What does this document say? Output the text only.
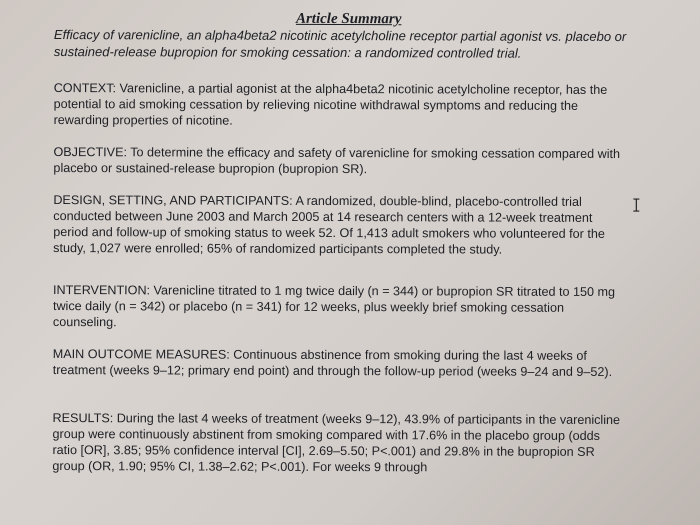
Article Summary
Efficacy of varenicline, an alpha4beta2 nicotinic acetylcholine receptor partial agonist vs. placebo or sustained-release bupropion for smoking cessation: a randomized controlled trial.
CONTEXT: Varenicline, a partial agonist at the alpha4beta2 nicotinic acetylcholine receptor, has the potential to aid smoking cessation by relieving nicotine withdrawal symptoms and reducing the rewarding properties of nicotine.
OBJECTIVE: To determine the efficacy and safety of varenicline for smoking cessation compared with placebo or sustained-release bupropion (bupropion SR).
DESIGN, SETTING, AND PARTICIPANTS: A randomized, double-blind, placebo-controlled trial conducted between June 2003 and March 2005 at 14 research centers with a 12-week treatment period and follow-up of smoking status to week 52. Of 1,413 adult smokers who volunteered for the study, 1,027 were enrolled; 65% of randomized participants completed the study.
INTERVENTION: Varenicline titrated to 1 mg twice daily (n = 344) or bupropion SR titrated to 150 mg twice daily (n = 342) or placebo (n = 341) for 12 weeks, plus weekly brief smoking cessation counseling.
MAIN OUTCOME MEASURES: Continuous abstinence from smoking during the last 4 weeks of treatment (weeks 9–12; primary end point) and through the follow-up period (weeks 9–24 and 9–52).
RESULTS: During the last 4 weeks of treatment (weeks 9–12), 43.9% of participants in the varenicline group were continuously abstinent from smoking compared with 17.6% in the placebo group (odds ratio [OR], 3.85; 95% confidence interval [CI], 2.69–5.50; P<.001) and 29.8% in the bupropion SR group (OR, 1.90; 95% CI, 1.38–2.62; P<.001). For weeks 9 through
